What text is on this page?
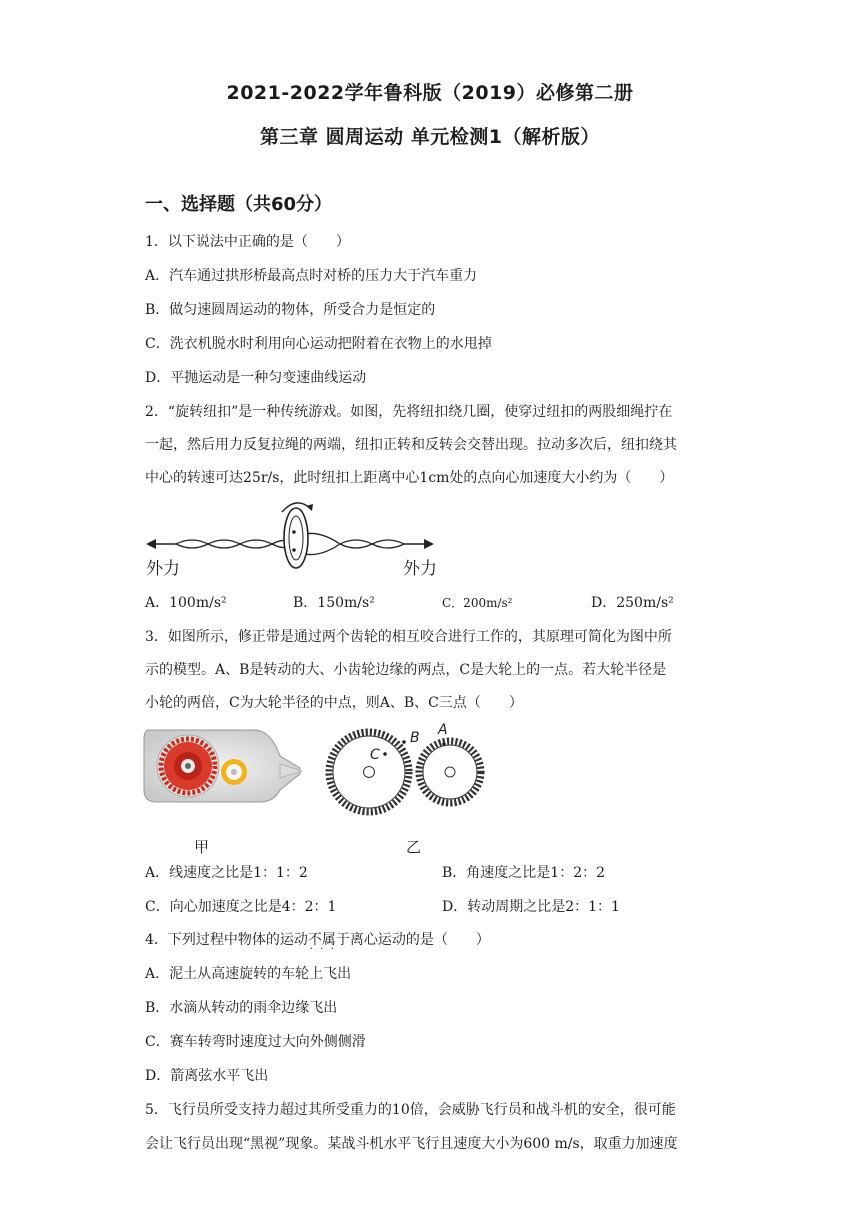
2021-2022学年鲁科版（2019）必修第二册
第三章 圆周运动 单元检测1（解析版）
一、选择题（共60分）
1．以下说法中正确的是（　　）
A．汽车通过拱形桥最高点时对桥的压力大于汽车重力
B．做匀速圆周运动的物体，所受合力是恒定的
C．洗衣机脱水时利用向心运动把附着在衣物上的水甩掉
D．平抛运动是一种匀变速曲线运动
2．“旋转纽扣”是一种传统游戏。如图，先将纽扣绕几圈，使穿过纽扣的两股细绳拧在
一起，然后用力反复拉绳的两端，纽扣正转和反转会交替出现。拉动多次后，纽扣绕其
中心的转速可达25r/s，此时纽扣上距离中心1cm处的点向心加速度大小约为（　　）
外力	外力
A．100m/s²	B．150m/s²	C．200m/s²	D．250m/s²
3．如图所示，修正带是通过两个齿轮的相互咬合进行工作的，其原理可简化为图中所
示的模型。A、B是转动的大、小齿轮边缘的两点，C是大轮上的一点。若大轮半径是
小轮的两倍，C为大轮半径的中点，则A、B、C三点（　　）
C
B A
甲	乙
A．线速度之比是1：1：2	B．角速度之比是1：2：2
C．向心加速度之比是4：2：1	D．转动周期之比是2：1：1
4．下列过程中物体的运动不属于 · · ·离心运动的是（　　）
A．泥土从高速旋转的车轮上飞出
B．水滴从转动的雨伞边缘飞出
C．赛车转弯时速度过大向外侧侧滑
D．箭离弦水平飞出
5．飞行员所受支持力超过其所受重力的10倍，会威胁飞行员和战斗机的安全，很可能
会让飞行员出现“黑视”现象。某战斗机水平飞行且速度大小为600 m/s，取重力加速度
